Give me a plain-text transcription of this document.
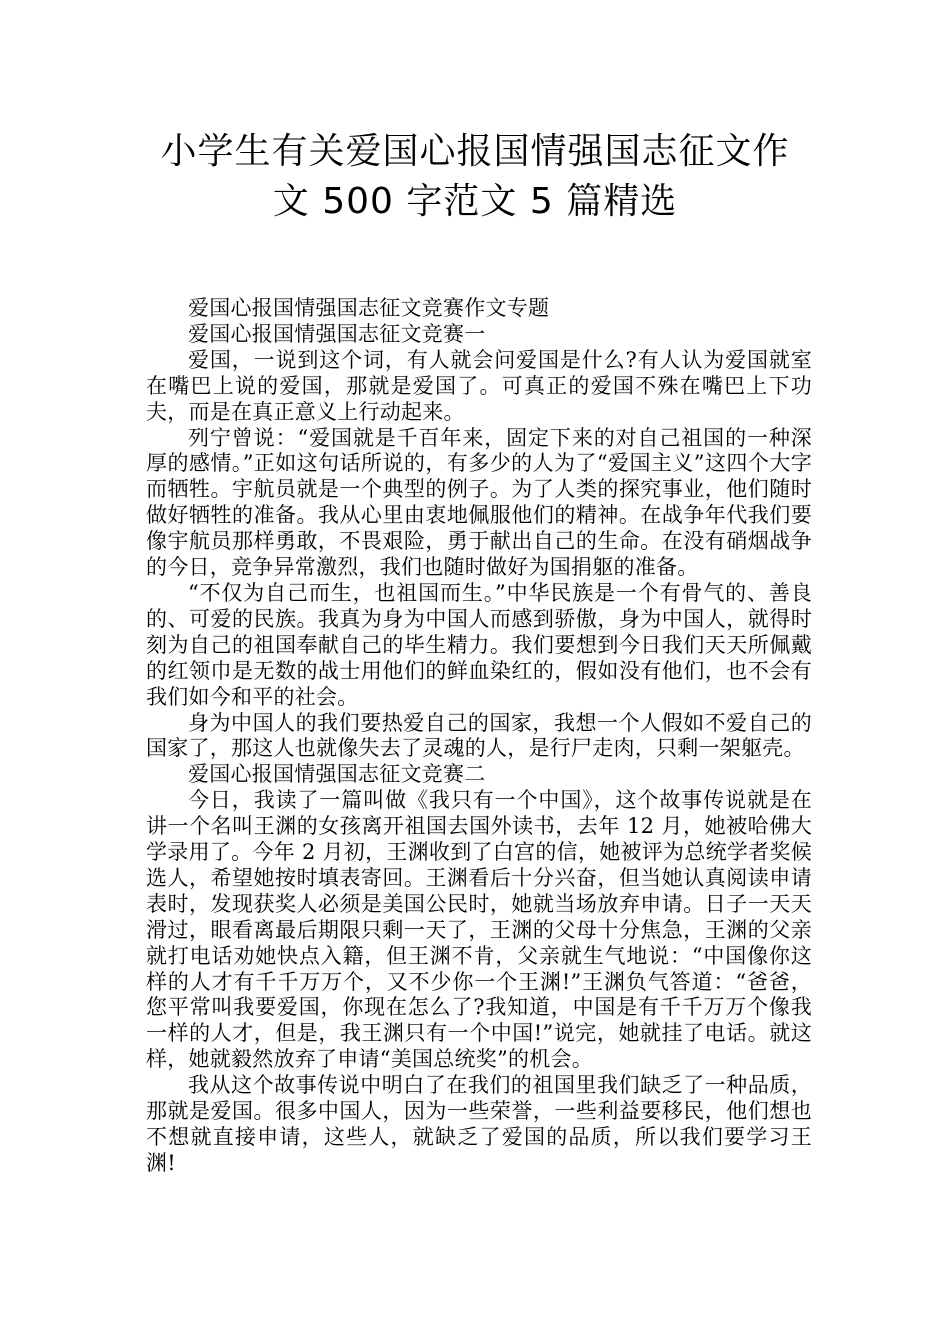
小学生有关爱国心报国情强国志征文作
文 500 字范文 5 篇精选

爱国心报国情强国志征文竞赛作文专题

爱国心报国情强国志征文竞赛一

爱国，一说到这个词，有人就会问爱国是什么?有人认为爱国就室在嘴巴上说的爱国，那就是爱国了。可真正的爱国不殊在嘴巴上下功夫，而是在真正意义上行动起来。

列宁曾说：“爱国就是千百年来，固定下来的对自己祖国的一种深厚的感情。”正如这句话所说的，有多少的人为了“爱国主义”这四个大字而牺牲。宇航员就是一个典型的例子。为了人类的探究事业，他们随时做好牺牲的准备。我从心里由衷地佩服他们的精神。在战争年代我们要像宇航员那样勇敢，不畏艰险，勇于献出自己的生命。在没有硝烟战争的今日，竞争异常激烈，我们也随时做好为国捐躯的准备。

“不仅为自己而生，也祖国而生。”中华民族是一个有骨气的、善良的、可爱的民族。我真为身为中国人而感到骄傲，身为中国人，就得时刻为自己的祖国奉献自己的毕生精力。我们要想到今日我们天天所佩戴的红领巾是无数的战士用他们的鲜血染红的，假如没有他们，也不会有我们如今和平的社会。

身为中国人的我们要热爱自己的国家，我想一个人假如不爱自己的国家了，那这人也就像失去了灵魂的人，是行尸走肉，只剩一架躯壳。

爱国心报国情强国志征文竞赛二

今日，我读了一篇叫做《我只有一个中国》，这个故事传说就是在讲一个名叫王渊的女孩离开祖国去国外读书，去年 12 月，她被哈佛大学录用了。今年 2 月初，王渊收到了白宫的信，她被评为总统学者奖候选人，希望她按时填表寄回。王渊看后十分兴奋，但当她认真阅读申请表时，发现获奖人必须是美国公民时，她就当场放弃申请。日子一天天滑过，眼看离最后期限只剩一天了，王渊的父母十分焦急，王渊的父亲就打电话劝她快点入籍，但王渊不肯，父亲就生气地说：“中国像你这样的人才有千千万万个，又不少你一个王渊!”王渊负气答道：“爸爸，您平常叫我要爱国，你现在怎么了?我知道，中国是有千千万万个像我一样的人才，但是，我王渊只有一个中国!”说完，她就挂了电话。就这样，她就毅然放弃了申请“美国总统奖”的机会。

我从这个故事传说中明白了在我们的祖国里我们缺乏了一种品质，那就是爱国。很多中国人，因为一些荣誉，一些利益要移民，他们想也不想就直接申请，这些人，就缺乏了爱国的品质，所以我们要学习王渊!
